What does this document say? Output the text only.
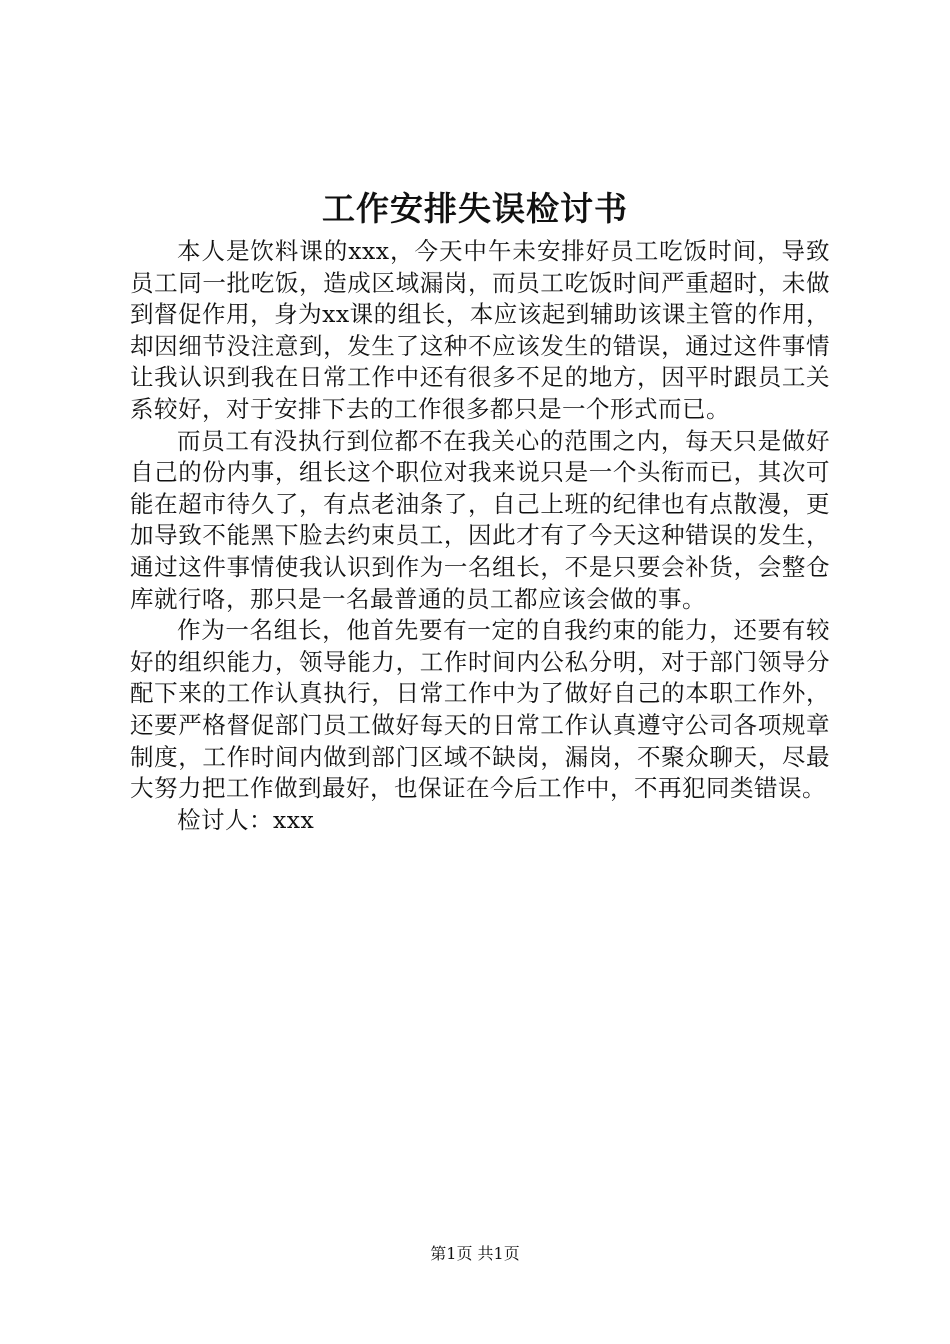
工作安排失误检讨书

本人是饮料课的xxx，今天中午未安排好员工吃饭时间，导致员工同一批吃饭，造成区域漏岗，而员工吃饭时间严重超时，未做到督促作用，身为xx课的组长，本应该起到辅助该课主管的作用，却因细节没注意到，发生了这种不应该发生的错误，通过这件事情让我认识到我在日常工作中还有很多不足的地方，因平时跟员工关系较好，对于安排下去的工作很多都只是一个形式而已。

而员工有没执行到位都不在我关心的范围之内，每天只是做好自己的份内事，组长这个职位对我来说只是一个头衔而已，其次可能在超市待久了，有点老油条了，自己上班的纪律也有点散漫，更加导致不能黑下脸去约束员工，因此才有了今天这种错误的发生，通过这件事情使我认识到作为一名组长，不是只要会补货，会整仓库就行咯，那只是一名最普通的员工都应该会做的事。

作为一名组长，他首先要有一定的自我约束的能力，还要有较好的组织能力，领导能力，工作时间内公私分明，对于部门领导分配下来的工作认真执行，日常工作中为了做好自己的本职工作外，还要严格督促部门员工做好每天的日常工作认真遵守公司各项规章制度，工作时间内做到部门区域不缺岗，漏岗，不聚众聊天，尽最大努力把工作做到最好，也保证在今后工作中，不再犯同类错误。

检讨人：xxx

第1页 共1页
